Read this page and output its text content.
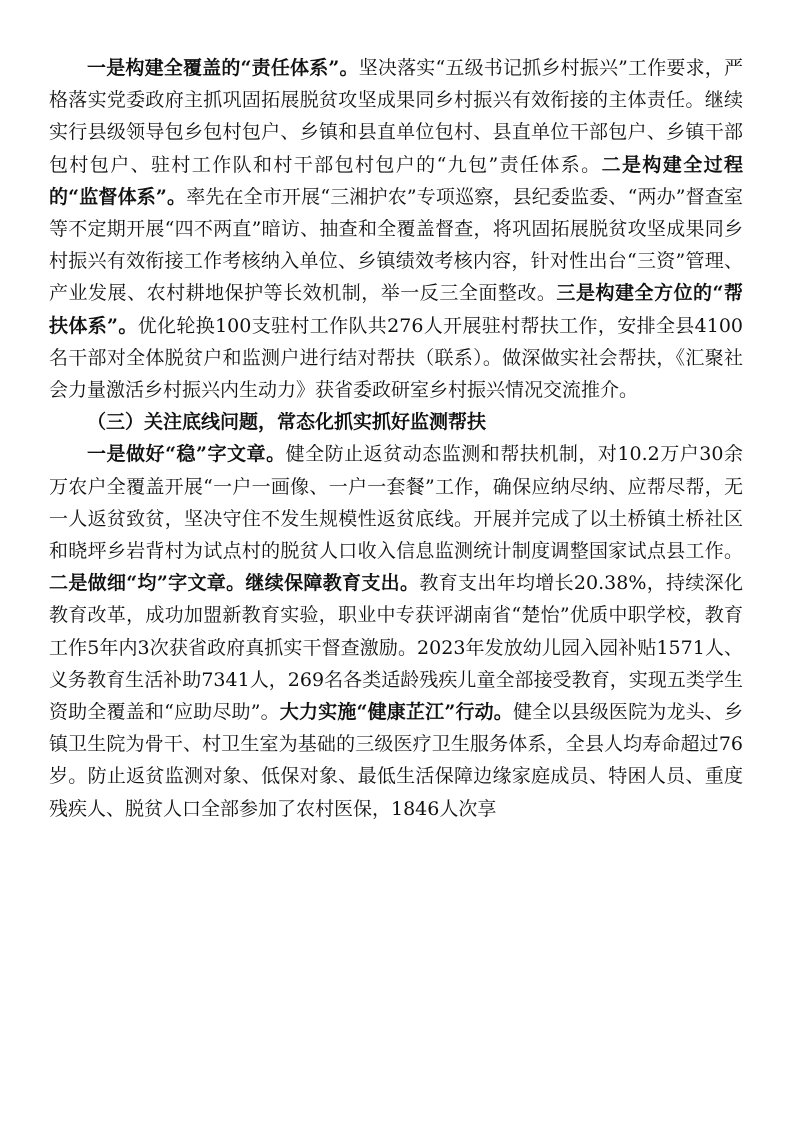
一是构建全覆盖的“责任体系”。坚决落实“五级书记抓乡村振兴”工作要求，严格落实党委政府主抓巩固拓展脱贫攻坚成果同乡村振兴有效衔接的主体责任。继续实行县级领导包乡包村包户、乡镇和县直单位包村、县直单位干部包户、乡镇干部包村包户、驻村工作队和村干部包村包户的“九包”责任体系。二是构建全过程的“监督体系”。率先在全市开展“三湘护农”专项巡察，县纪委监委、“两办”督查室等不定期开展“四不两直”暗访、抽查和全覆盖督查，将巩固拓展脱贫攻坚成果同乡村振兴有效衔接工作考核纳入单位、乡镇绩效考核内容，针对性出台“三资”管理、产业发展、农村耕地保护等长效机制，举一反三全面整改。三是构建全方位的“帮扶体系”。优化轮换100支驻村工作队共276人开展驻村帮扶工作，安排全县4100名干部对全体脱贫户和监测户进行结对帮扶（联系）。做深做实社会帮扶，《汇聚社会力量激活乡村振兴内生动力》获省委政研室乡村振兴情况交流推介。

（三）关注底线问题，常态化抓实抓好监测帮扶

一是做好“稳”字文章。健全防止返贫动态监测和帮扶机制，对10.2万户30余万农户全覆盖开展“一户一画像、一户一套餐”工作，确保应纳尽纳、应帮尽帮，无一人返贫致贫，坚决守住不发生规模性返贫底线。开展并完成了以土桥镇土桥社区和晓坪乡岩背村为试点村的脱贫人口收入信息监测统计制度调整国家试点县工作。二是做细“均”字文章。继续保障教育支出。教育支出年均增长20.38%，持续深化教育改革，成功加盟新教育实验，职业中专获评湖南省“楚怡”优质中职学校，教育工作5年内3次获省政府真抓实干督查激励。2023年发放幼儿园入园补贴1571人、义务教育生活补助7341人，269名各类适龄残疾儿童全部接受教育，实现五类学生资助全覆盖和“应助尽助”。大力实施“健康芷江”行动。健全以县级医院为龙头、乡镇卫生院为骨干、村卫生室为基础的三级医疗卫生服务体系，全县人均寿命超过76岁。防止返贫监测对象、低保对象、最低生活保障边缘家庭成员、特困人员、重度残疾人、脱贫人口全部参加了农村医保，1846人次享
